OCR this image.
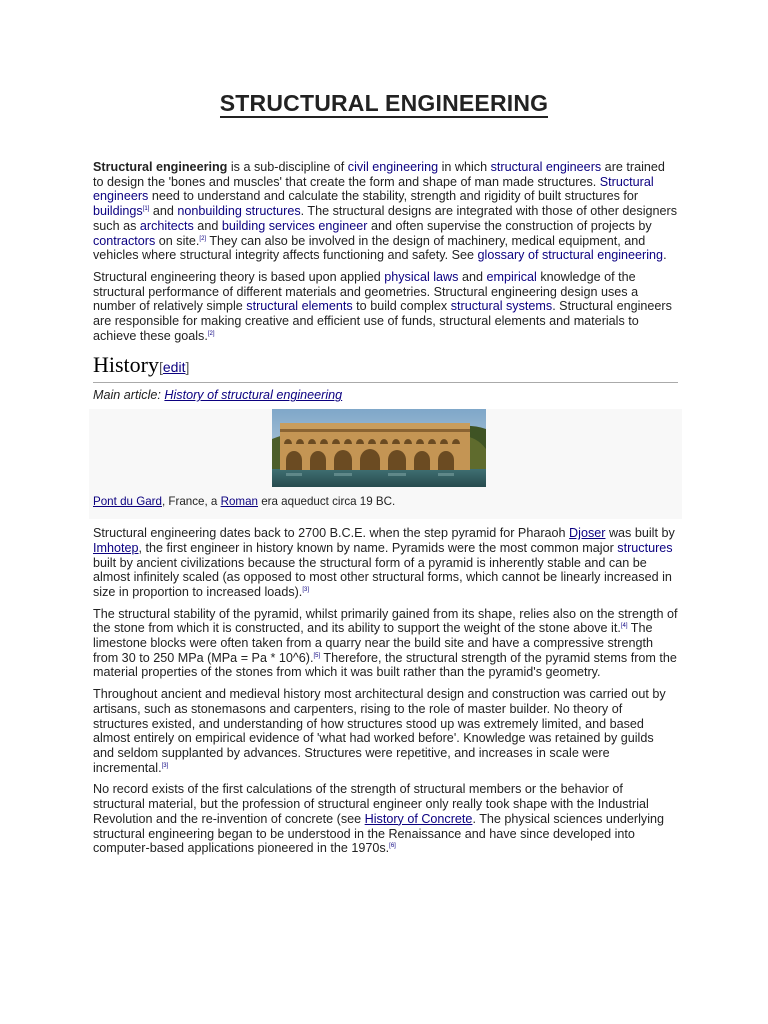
STRUCTURAL ENGINEERING

Structural engineering is a sub-discipline of civil engineering in which structural engineers are trained to design the 'bones and muscles' that create the form and shape of man made structures. Structural engineers need to understand and calculate the stability, strength and rigidity of built structures for buildings[1] and nonbuilding structures. The structural designs are integrated with those of other designers such as architects and building services engineer and often supervise the construction of projects by contractors on site.[2] They can also be involved in the design of machinery, medical equipment, and vehicles where structural integrity affects functioning and safety. See glossary of structural engineering.

Structural engineering theory is based upon applied physical laws and empirical knowledge of the structural performance of different materials and geometries. Structural engineering design uses a number of relatively simple structural elements to build complex structural systems. Structural engineers are responsible for making creative and efficient use of funds, structural elements and materials to achieve these goals.[2]

History[edit]
Main article: History of structural engineering
Pont du Gard, France, a Roman era aqueduct circa 19 BC.

Structural engineering dates back to 2700 B.C.E. when the step pyramid for Pharaoh Djoser was built by Imhotep, the first engineer in history known by name. Pyramids were the most common major structures built by ancient civilizations because the structural form of a pyramid is inherently stable and can be almost infinitely scaled (as opposed to most other structural forms, which cannot be linearly increased in size in proportion to increased loads).[3]

The structural stability of the pyramid, whilst primarily gained from its shape, relies also on the strength of the stone from which it is constructed, and its ability to support the weight of the stone above it.[4] The limestone blocks were often taken from a quarry near the build site and have a compressive strength from 30 to 250 MPa (MPa = Pa * 10^6).[5] Therefore, the structural strength of the pyramid stems from the material properties of the stones from which it was built rather than the pyramid's geometry.

Throughout ancient and medieval history most architectural design and construction was carried out by artisans, such as stonemasons and carpenters, rising to the role of master builder. No theory of structures existed, and understanding of how structures stood up was extremely limited, and based almost entirely on empirical evidence of 'what had worked before'. Knowledge was retained by guilds and seldom supplanted by advances. Structures were repetitive, and increases in scale were incremental.[3]

No record exists of the first calculations of the strength of structural members or the behavior of structural material, but the profession of structural engineer only really took shape with the Industrial Revolution and the re-invention of concrete (see History of Concrete. The physical sciences underlying structural engineering began to be understood in the Renaissance and have since developed into computer-based applications pioneered in the 1970s.[6]
